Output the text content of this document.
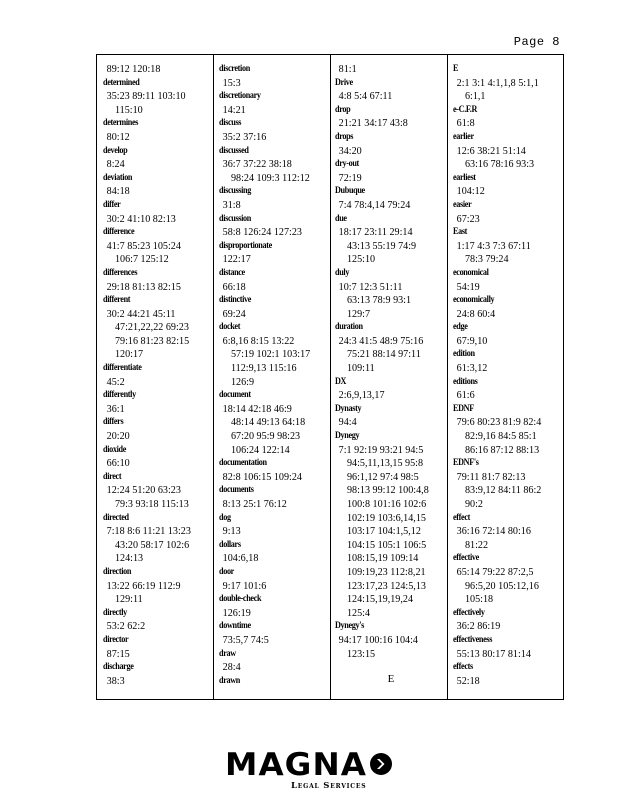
Page 8
89:12 120:18
determined
35:23 89:11 103:10
115:10
determines
80:12
develop
8:24
deviation
84:18
differ
30:2 41:10 82:13
difference
41:7 85:23 105:24
106:7 125:12
differences
29:18 81:13 82:15
different
30:2 44:21 45:11
47:21,22,22 69:23
79:16 81:23 82:15
120:17
differentiate
45:2
differently
36:1
differs
20:20
dioxide
66:10
direct
12:24 51:20 63:23
79:3 93:18 115:13
directed
7:18 8:6 11:21 13:23
43:20 58:17 102:6
124:13
direction
13:22 66:19 112:9
129:11
directly
53:2 62:2
director
87:15
discharge
38:3
discretion
15:3
discretionary
14:21
discuss
35:2 37:16
discussed
36:7 37:22 38:18
98:24 109:3 112:12
discussing
31:8
discussion
58:8 126:24 127:23
disproportionate
122:17
distance
66:18
distinctive
69:24
docket
6:8,16 8:15 13:22
57:19 102:1 103:17
112:9,13 115:16
126:9
document
18:14 42:18 46:9
48:14 49:13 64:18
67:20 95:9 98:23
106:24 122:14
documentation
82:8 106:15 109:24
documents
8:13 25:1 76:12
dog
9:13
dollars
104:6,18
door
9:17 101:6
double-check
126:19
downtime
73:5,7 74:5
draw
28:4
drawn
81:1
Drive
4:8 5:4 67:11
drop
21:21 34:17 43:8
drops
34:20
dry-out
72:19
Dubuque
7:4 78:4,14 79:24
due
18:17 23:11 29:14
43:13 55:19 74:9
125:10
duly
10:7 12:3 51:11
63:13 78:9 93:1
129:7
duration
24:3 41:5 48:9 75:16
75:21 88:14 97:11
109:11
DX
2:6,9,13,17
Dynasty
94:4
Dynegy
7:1 92:19 93:21 94:5
94:5,11,13,15 95:8
96:1,12 97:4 98:5
98:13 99:12 100:4,8
100:8 101:16 102:6
102:19 103:6,14,15
103:17 104:1,5,12
104:15 105:1 106:5
108:15,19 109:14
109:19,23 112:8,21
123:17,23 124:5,13
124:15,19,19,24
125:4
Dynegy's
94:17 100:16 104:4
123:15
E
E
2:1 3:1 4:1,1,8 5:1,1
6:1,1
e-C.F.R
61:8
earlier
12:6 38:21 51:14
63:16 78:16 93:3
earliest
104:12
easier
67:23
East
1:17 4:3 7:3 67:11
78:3 79:24
economical
54:19
economically
24:8 60:4
edge
67:9,10
edition
61:3,12
editions
61:6
EDNF
79:6 80:23 81:9 82:4
82:9,16 84:5 85:1
86:16 87:12 88:13
EDNF's
79:11 81:7 82:13
83:9,12 84:11 86:2
90:2
effect
36:16 72:14 80:16
81:22
effective
65:14 79:22 87:2,5
96:5,20 105:12,16
105:18
effectively
36:2 86:19
effectiveness
55:13 80:17 81:14
effects
52:18
MAGNA
Legal Services
